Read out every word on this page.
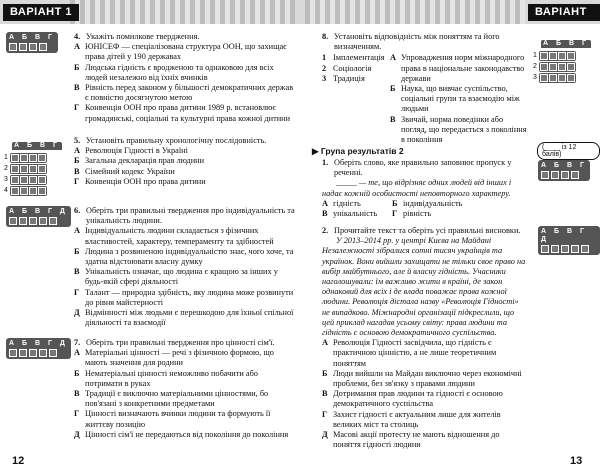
ВАРІАНТ 1	ВАРІАНТ 1
А Б В Г
А Б В Г
1
2
3
4
А Б В Г Д
А Б В Г Д
4. Укажіть помилкове твердження.
А ЮНІСЕФ — спеціалізована структура ООН, що захищає права дітей у 190 державах
Б Людська гідність є вродженою та однаковою для всіх людей незалежно від їхніх вчинків
В Рівність перед законом у більшості демократичних держав є повністю досягнутою метою
Г Конвенція ООН про права дитини 1989 р. встановлює громадянські, соціальні та культурні права кожної дитини
5. Установіть правильну хронологічну послідовність.
А Революція Гідності в Україні
Б Загальна декларація прав людини
В Сімейний кодекс України
Г Конвенція ООН про права дитини
6. Оберіть три правильні твердження про індивідуальність та унікальність людини.
А Індивідуальність людини складається з фізичних властивостей, характеру, темпераменту та здібностей
Б Людина з розвиненою індивідуальністю знає, чого хоче, та здатна відстоювати власну думку
В Унікальність означає, що людина є кращою за інших у будь-якій сфері діяльності
Г Талант — природна здібність, яку людина може розвинути до рівня майстерності
Д Відмінності між людьми є перешкодою для їхньої спільної діяльності та взаємодії
7. Оберіть три правильні твердження про цінності сім'ї.
А Матеріальні цінності — речі з фізичною формою, що мають значення для родини
Б Нематеріальні цінності неможливо побачити або потримати в руках
В Традиції є виключно матеріальними цінностями, бо пов'язані з конкретними предметами
Г Цінності визначають вчинки людини та формують її життєву позицію
Д Цінності сім'ї не передаються від покоління до покоління
12
8. Установіть відповідність між поняттям та його визначенням.
1 Імплементація
2 Соціологія
3 Традиція
А Упровадження норм міжнародного права в національне законодавство держави
Б Наука, що вивчає суспільство, соціальні групи та взаємодію між людьми
В Звичай, норма поведінки або погляд, що передається з покоління в покоління
А Б В Г
1
2
3
▶ Група результатів 2	(____ із 12 балів)
1. Оберіть слово, яке правильно заповнює пропуск у реченні.
_____ — те, що відрізняє одних людей від інших і надає кожній особистості неповторного характеру.
А гідність
В унікальність
Б індивідуальність
Г рівність
А Б В Г
2. Прочитайте текст та оберіть усі правильні висновки.
У 2013–2014 рр. у центрі Києва на Майдані Незалежності зібралися сотні тисяч українців та українок. Вони вийшли захищати не тільки свое право на вибір майбутнього, але й власну гідність. Учасники наголошували: їм важливо жити в країні, де закон однаковий для всіх і де влада поважає права кожної людини. Революція дістала назву «Революція Гідності» не випадково. Міжнародні організації підкреслили, що цей приклад нагадав усьому світу: права людини та гідність є основою демократичного суспільства.
А Революція Гідності засвідчила, що гідність є практичною цінністю, а не лише теоретичним поняттям
Б Люди вийшли на Майдан виключно через економічні проблеми, без зв'язку з правами людини
В Дотримання прав людини та гідності є основою демократичного суспільства
Г Захист гідності є актуальним лише для жителів великих міст та столиць
Д Масові акції протесту не мають відношення до поняття гідності людини
А Б В Г Д
13
